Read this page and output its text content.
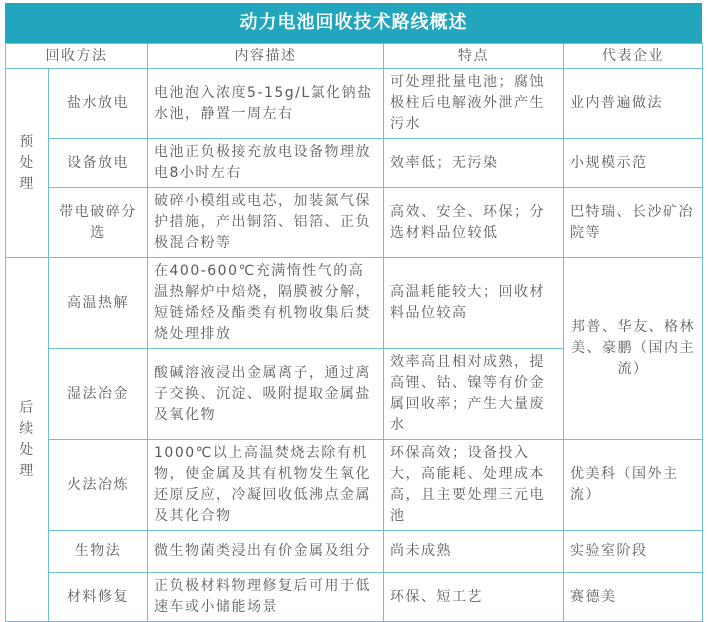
动力电池回收技术路线概述
回收方法		内容描述	特点	代表企业
预处理	盐水放电	电池泡入浓度5-15g/L氯化钠盐水池，静置一周左右	可处理批量电池；腐蚀极柱后电解液外泄产生污水	业内普遍做法
	设备放电	电池正负极接充放电设备物理放电8小时左右	效率低；无污染	小规模示范
	带电破碎分选	破碎小模组或电芯，加装氮气保护措施，产出铜箔、铝箔、正负极混合粉等	高效、安全、环保；分选材料品位较低	巴特瑞、长沙矿冶院等
后续处理	高温热解	在400-600℃充满惰性气的高温热解炉中焙烧，隔膜被分解，短链烯烃及酯类有机物收集后焚烧处理排放	高温耗能较大；回收材料品位较高	邦普、华友、格林美、豪鹏（国内主流）
	湿法冶金	酸碱溶液浸出金属离子，通过离子交换、沉淀、吸附提取金属盐及氧化物	效率高且相对成熟，提高锂、钴、镍等有价金属回收率；产生大量废水	
	火法冶炼	1000℃以上高温焚烧去除有机物，使金属及其有机物发生氧化还原反应，冷凝回收低沸点金属及其化合物	环保高效；设备投入大，高能耗、处理成本高，且主要处理三元电池	优美科（国外主流）
	生物法	微生物菌类浸出有价金属及组分	尚未成熟	实验室阶段
	材料修复	正负极材料物理修复后可用于低速车或小储能场景	环保、短工艺	赛德美
